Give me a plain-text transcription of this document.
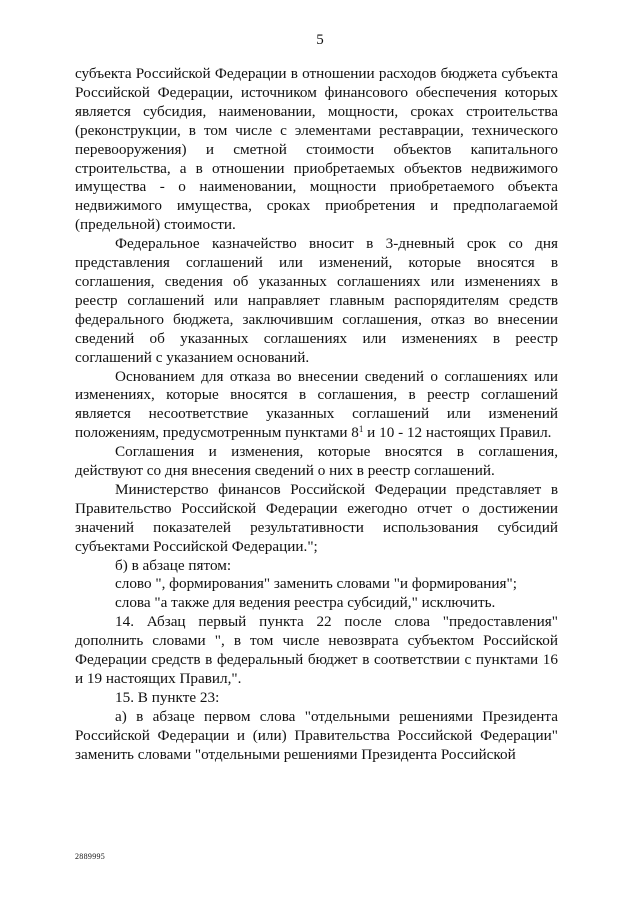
5

субъекта Российской Федерации в отношении расходов бюджета субъекта Российской Федерации, источником финансового обеспечения которых является субсидия, наименовании, мощности, сроках строительства (реконструкции, в том числе с элементами реставрации, технического перевооружения) и сметной стоимости объектов капитального строительства, а в отношении приобретаемых объектов недвижимого имущества - о наименовании, мощности приобретаемого объекта недвижимого имущества, сроках приобретения и предполагаемой (предельной) стоимости.

Федеральное казначейство вносит в 3-дневный срок со дня представления соглашений или изменений, которые вносятся в соглашения, сведения об указанных соглашениях или изменениях в реестр соглашений или направляет главным распорядителям средств федерального бюджета, заключившим соглашения, отказ во внесении сведений об указанных соглашениях или изменениях в реестр соглашений с указанием оснований.

Основанием для отказа во внесении сведений о соглашениях или изменениях, которые вносятся в соглашения, в реестр соглашений является несоответствие указанных соглашений или изменений положениям, предусмотренным пунктами $8^1$ и 10 - 12 настоящих Правил.

Соглашения и изменения, которые вносятся в соглашения, действуют со дня внесения сведений о них в реестр соглашений.

Министерство финансов Российской Федерации представляет в Правительство Российской Федерации ежегодно отчет о достижении значений показателей результативности использования субсидий субъектами Российской Федерации.";

б) в абзаце пятом:

слово ", формирования" заменить словами "и формирования";

слова "а также для ведения реестра субсидий," исключить.

14. Абзац первый пункта 22 после слова "предоставления" дополнить словами ", в том числе невозврата субъектом Российской Федерации средств в федеральный бюджет в соответствии с пунктами 16 и 19 настоящих Правил,".

15. В пункте 23:

а) в абзаце первом слова "отдельными решениями Президента Российской Федерации и (или) Правительства Российской Федерации" заменить словами "отдельными решениями Президента Российской

2889995
